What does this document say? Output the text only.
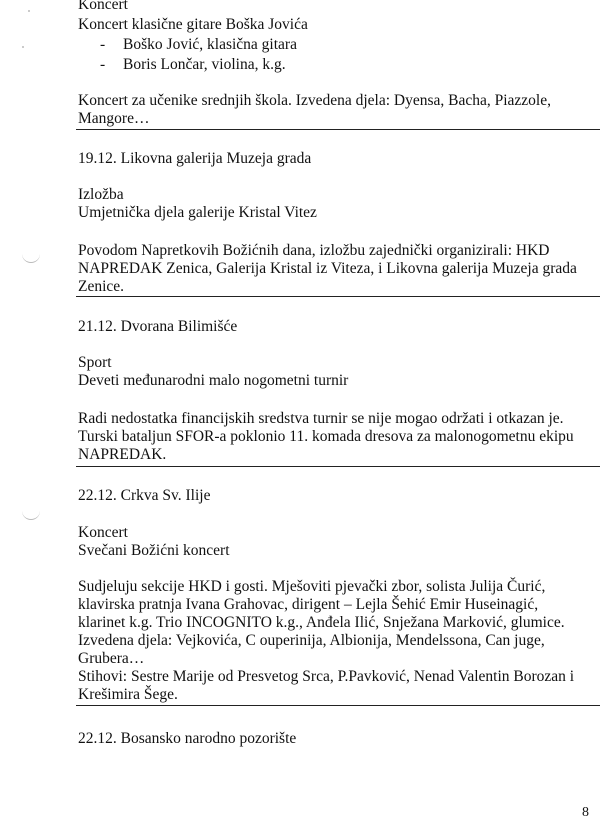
Koncert
Koncert klasične gitare Boška Jovića
- Boško Jović, klasična gitara
- Boris Lončar, violina, k.g.
Koncert za učenike srednjih škola. Izvedena djela: Dyensa, Bacha, Piazzole,
Mangore…
19.12. Likovna galerija Muzeja grada
Izložba
Umjetnička djela galerije Kristal Vitez
Povodom Napretkovih Božićnih dana, izložbu zajednički organizirali: HKD
NAPREDAK Zenica, Galerija Kristal iz Viteza, i Likovna galerija Muzeja grada
Zenice.
21.12. Dvorana Bilimišće
Sport
Deveti međunarodni malo nogometni turnir
Radi nedostatka financijskih sredstva turnir se nije mogao održati i otkazan je.
Turski bataljun SFOR-a poklonio 11. komada dresova za malonogometnu ekipu
NAPREDAK.
22.12. Crkva Sv. Ilije
Koncert
Svečani Božićni koncert
Sudjeluju sekcije HKD i gosti. Mješoviti pjevački zbor, solista Julija Čurić,
klavirska pratnja Ivana Grahovac, dirigent – Lejla Šehić Emir Huseinagić,
klarinet k.g. Trio INCOGNITO k.g., Anđela Ilić, Snježana Marković, glumice.
Izvedena djela: Vejkovića, C ouperinija, Albionija, Mendelssona, Can juge,
Grubera…
Stihovi: Sestre Marije od Presvetog Srca, P.Pavković, Nenad Valentin Borozan i
Krešimira Šege.
22.12. Bosansko narodno pozorište
8
